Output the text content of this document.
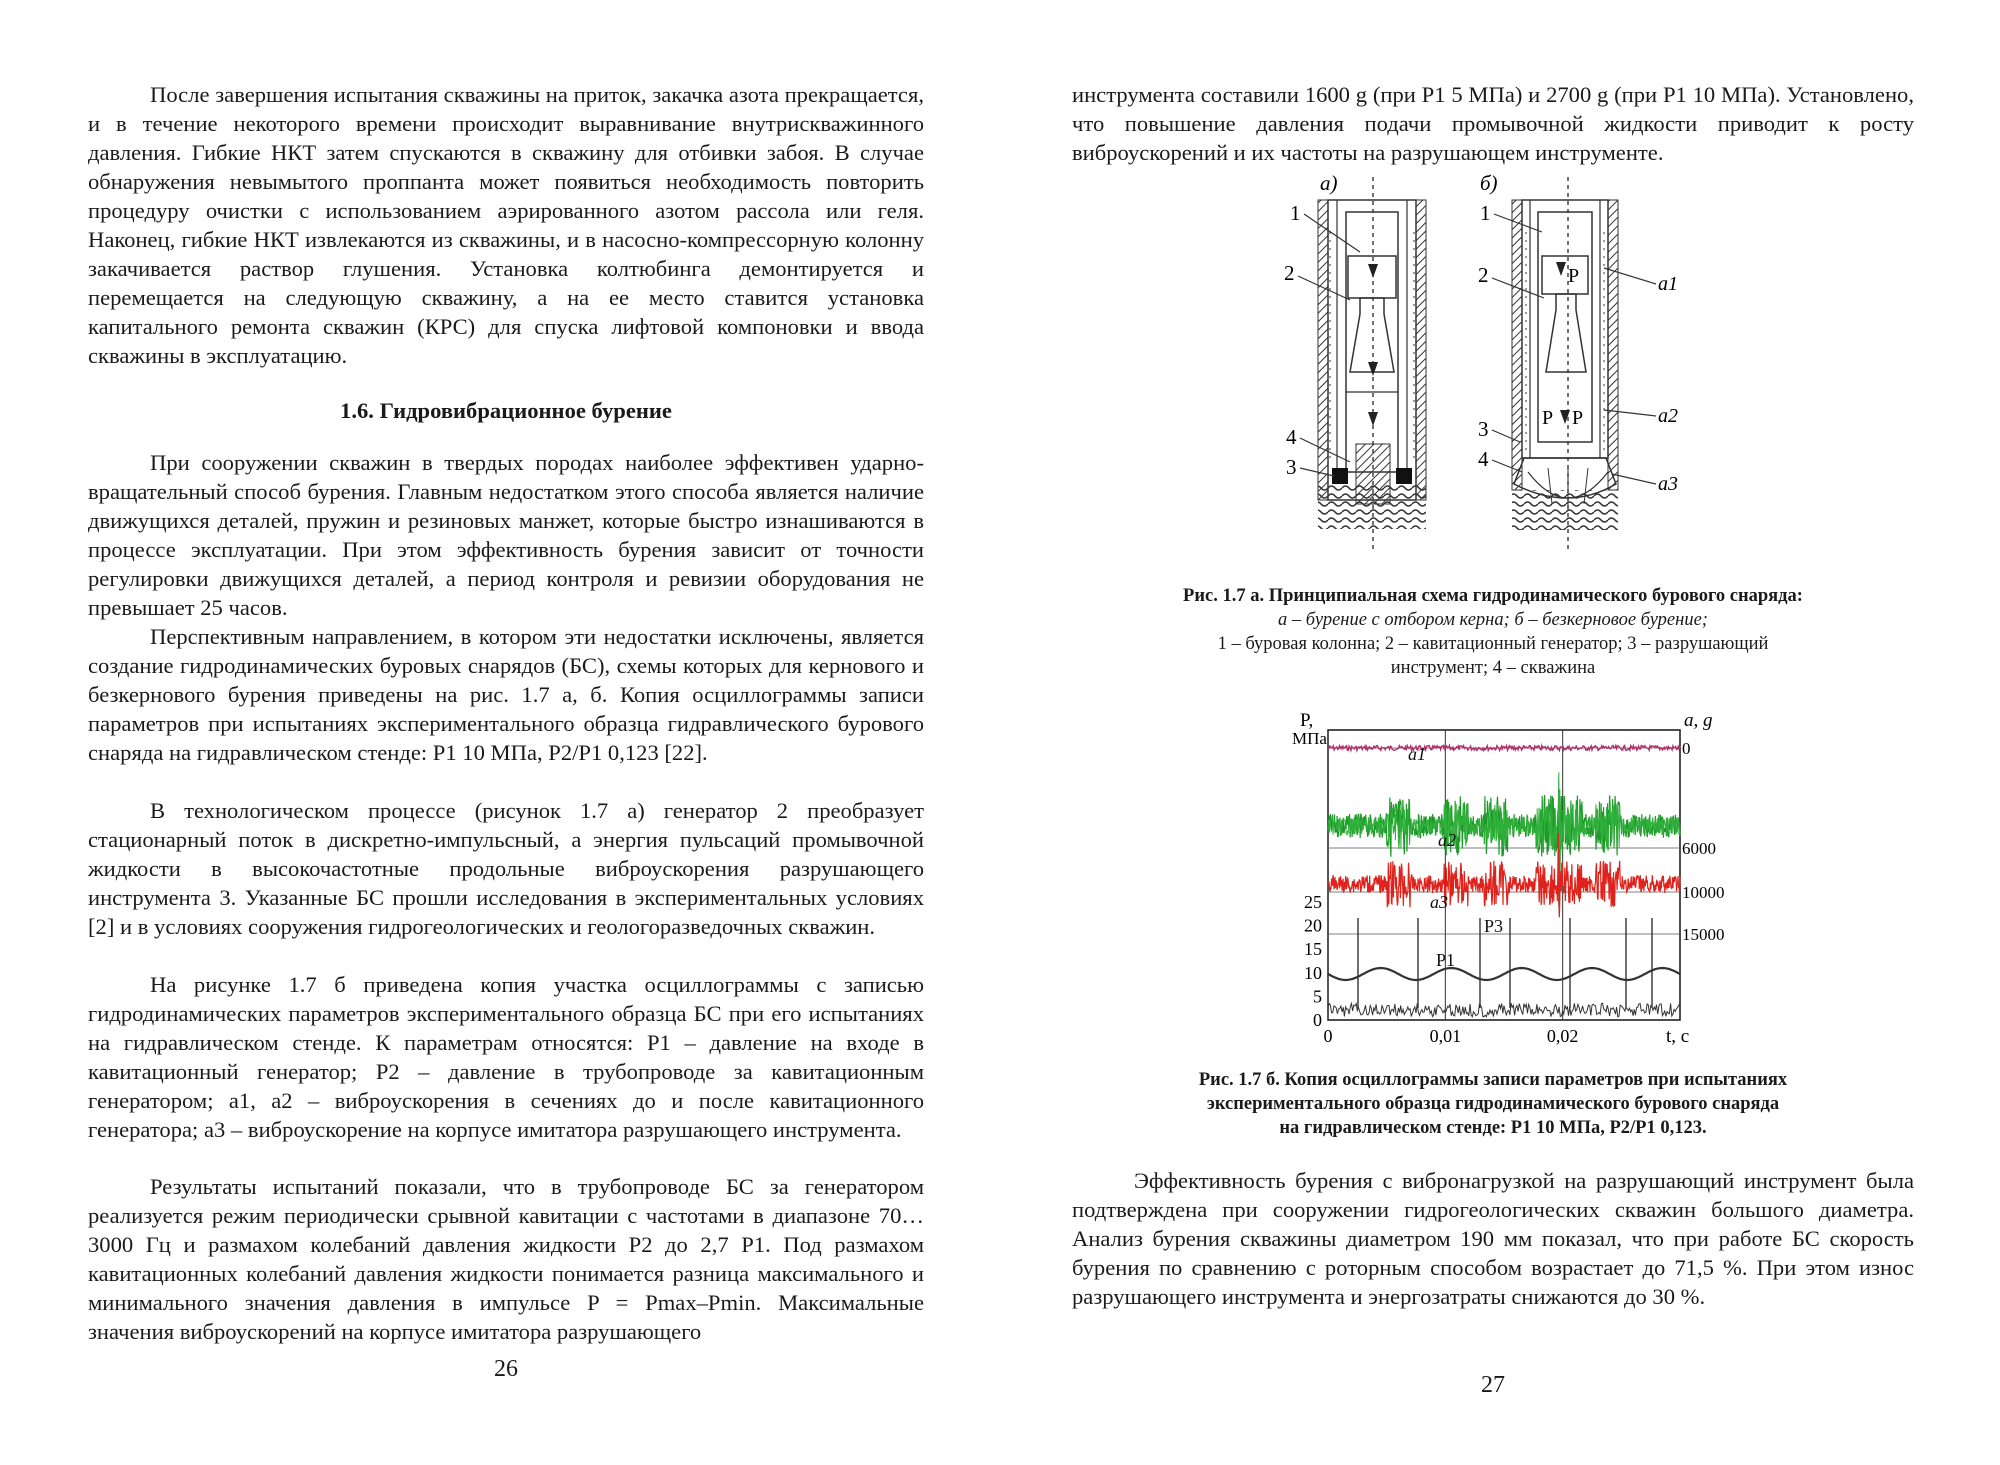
После завершения испытания скважины на приток, закачка азота прекращается, и в течение некоторого времени происходит выравнивание внутрискважинного давления. Гибкие НКТ затем спускаются в скважину для отбивки забоя. В случае обнаружения невымытого проппанта может появиться необходимость повторить процедуру очистки с использованием аэрированного азотом рассола или геля. Наконец, гибкие НКТ извлекаются из скважины, и в насосно-компрессорную колонну закачивается раствор глушения. Установка колтюбинга демонтируется и перемещается на следующую скважину, а на ее место ставится установка капитального ремонта скважин (КРС) для спуска лифтовой компоновки и ввода скважины в эксплуатацию.

1.6. Гидровибрационное бурение

При сооружении скважин в твердых породах наиболее эффективен ударно-вращательный способ бурения. Главным недостатком этого способа является наличие движущихся деталей, пружин и резиновых манжет, которые быстро изнашиваются в процессе эксплуатации. При этом эффективность бурения зависит от точности регулировки движущихся деталей, а период контроля и ревизии оборудования не превышает 25 часов.

Перспективным направлением, в котором эти недостатки исключены, является создание гидродинамических буровых снарядов (БС), схемы которых для кернового и безкернового бурения приведены на рис. 1.7 а, б. Копия осциллограммы записи параметров при испытаниях экспериментального образца гидравлического бурового снаряда на гидравлическом стенде: P1 10 МПа, P2/P1 0,123 [22].

В технологическом процессе (рисунок 1.7 а) генератор 2 преобразует стационарный поток в дискретно-импульсный, а энергия пульсаций промывочной жидкости в высокочастотные продольные виброускорения разрушающего инструмента 3. Указанные БС прошли исследования в экспериментальных условиях [2] и в условиях сооружения гидрогеологических и геологоразведочных скважин.

На рисунке 1.7 б приведена копия участка осциллограммы с записью гидродинамических параметров экспериментального образца БС при его испытаниях на гидравлическом стенде. К параметрам относятся: P1 – давление на входе в кавитационный генератор; P2 – давление в трубопроводе за кавитационным генератором; a1, a2 – виброускорения в сечениях до и после кавитационного генератора; a3 – виброускорение на корпусе имитатора разрушающего инструмента.

Результаты испытаний показали, что в трубопроводе БС за генератором реализуется режим периодически срывной кавитации с частотами в диапазоне 70…3000 Гц и размахом колебаний давления жидкости P2 до 2,7 P1. Под размахом кавитационных колебаний давления жидкости понимается разница максимального и минимального значения давления в импульсе P = Pmax–Pmin. Максимальные значения виброускорений на корпусе имитатора разрушающего

26

инструмента составили 1600 g (при P1 5 МПа) и 2700 g (при P1 10 МПа). Установлено, что повышение давления подачи промывочной жидкости приводит к росту виброускорений и их частоты на разрушающем инструменте.

а)	б)
1
2
4
3
P
P P
1
2
3
4
a1
a2
a3
Рис. 1.7 а. Принципиальная схема гидродинамического бурового снаряда:
а – бурение с отбором керна; б – безкерновое бурение;
1 – буровая колонна; 2 – кавитационный генератор; 3 – разрушающий
инструмент; 4 – скважина
a1
a2
a3
P3
P1
0	0,01	0,02
0
5
10
15
20
25
0
6000
10000
15000
P,
МПа
a, g
t, c
Рис. 1.7 б. Копия осциллограммы записи параметров при испытаниях
экспериментального образца гидродинамического бурового снаряда
на гидравлическом стенде: P1 10 МПа, P2/P1 0,123.

Эффективность бурения с вибронагрузкой на разрушающий инструмент была подтверждена при сооружении гидрогеологических скважин большого диаметра. Анализ бурения скважины диаметром 190 мм показал, что при работе БС скорость бурения по сравнению с роторным способом возрастает до 71,5 %. При этом износ разрушающего инструмента и энергозатраты снижаются до 30 %.

27
